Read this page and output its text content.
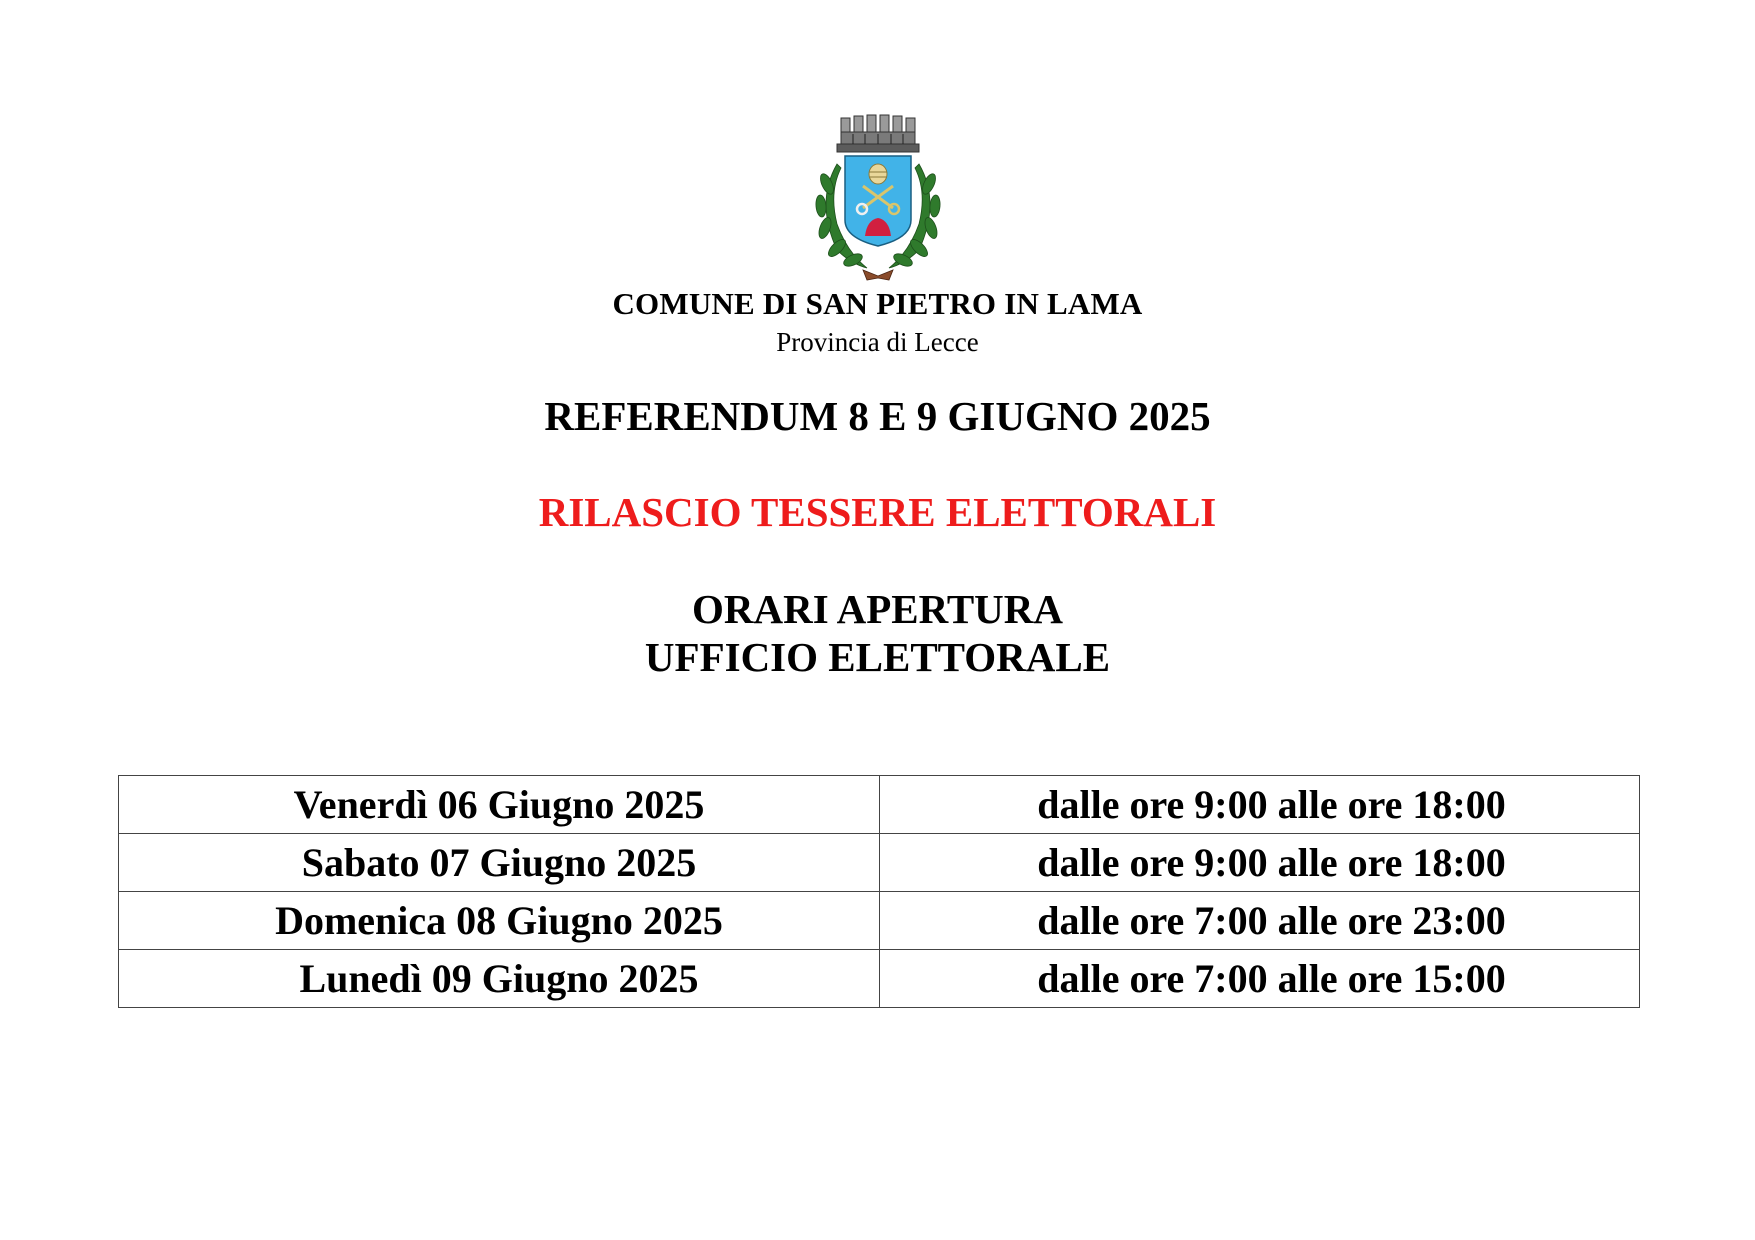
COMUNE DI SAN PIETRO IN LAMA
Provincia di Lecce
REFERENDUM 8 E 9 GIUGNO 2025
RILASCIO TESSERE ELETTORALI
ORARI APERTURA
UFFICIO ELETTORALE
Venerdì 06 Giugno 2025	dalle ore 9:00 alle ore 18:00
Sabato 07 Giugno 2025	dalle ore 9:00 alle ore 18:00
Domenica 08 Giugno 2025	dalle ore 7:00 alle ore 23:00
Lunedì 09 Giugno 2025	dalle ore 7:00 alle ore 15:00
